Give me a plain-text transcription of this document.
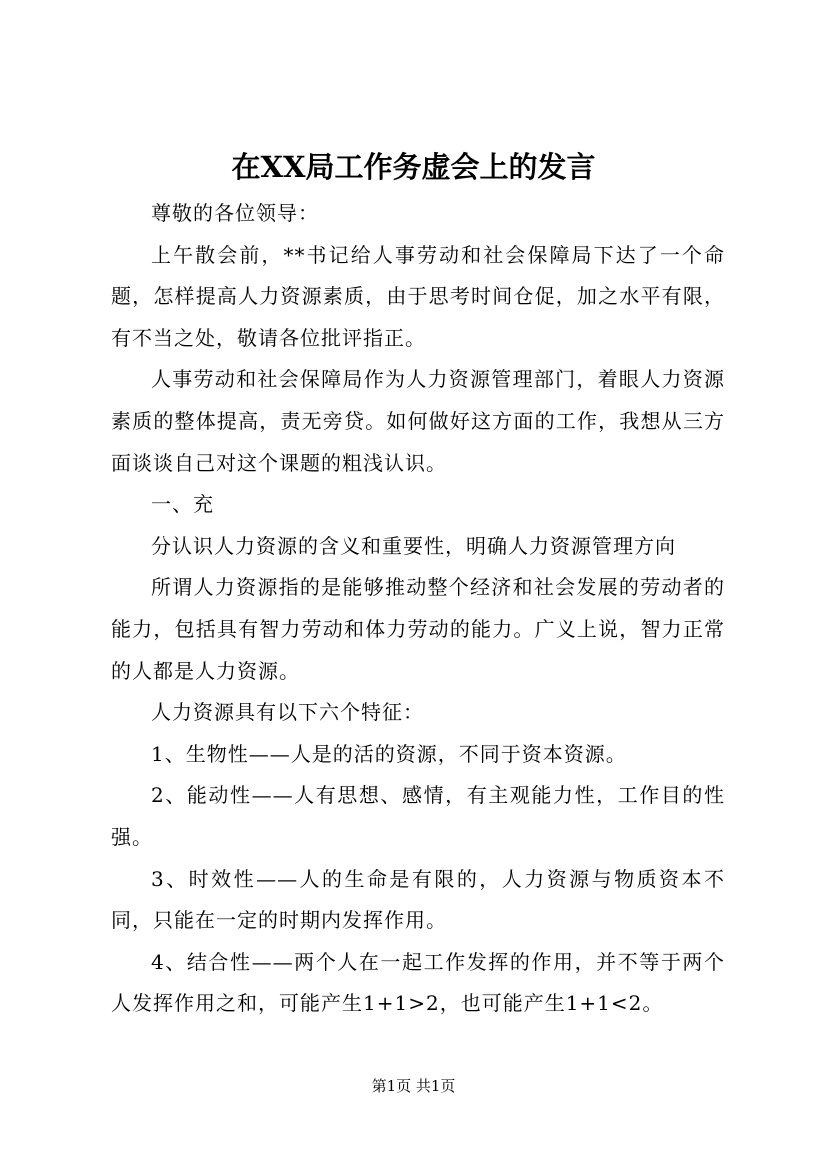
在XX局工作务虚会上的发言

尊敬的各位领导：

上午散会前，**书记给人事劳动和社会保障局下达了一个命题，怎样提高人力资源素质，由于思考时间仓促，加之水平有限，有不当之处，敬请各位批评指正。

人事劳动和社会保障局作为人力资源管理部门，着眼人力资源素质的整体提高，责无旁贷。如何做好这方面的工作，我想从三方面谈谈自己对这个课题的粗浅认识。

一、充

分认识人力资源的含义和重要性，明确人力资源管理方向

所谓人力资源指的是能够推动整个经济和社会发展的劳动者的能力，包括具有智力劳动和体力劳动的能力。广义上说，智力正常的人都是人力资源。

人力资源具有以下六个特征：

1、生物性——人是的活的资源，不同于资本资源。

2、能动性——人有思想、感情，有主观能力性，工作目的性强。

3、时效性——人的生命是有限的，人力资源与物质资本不同，只能在一定的时期内发挥作用。

4、结合性——两个人在一起工作发挥的作用，并不等于两个人发挥作用之和，可能产生1+1>2，也可能产生1+1<2。

第1页 共1页
